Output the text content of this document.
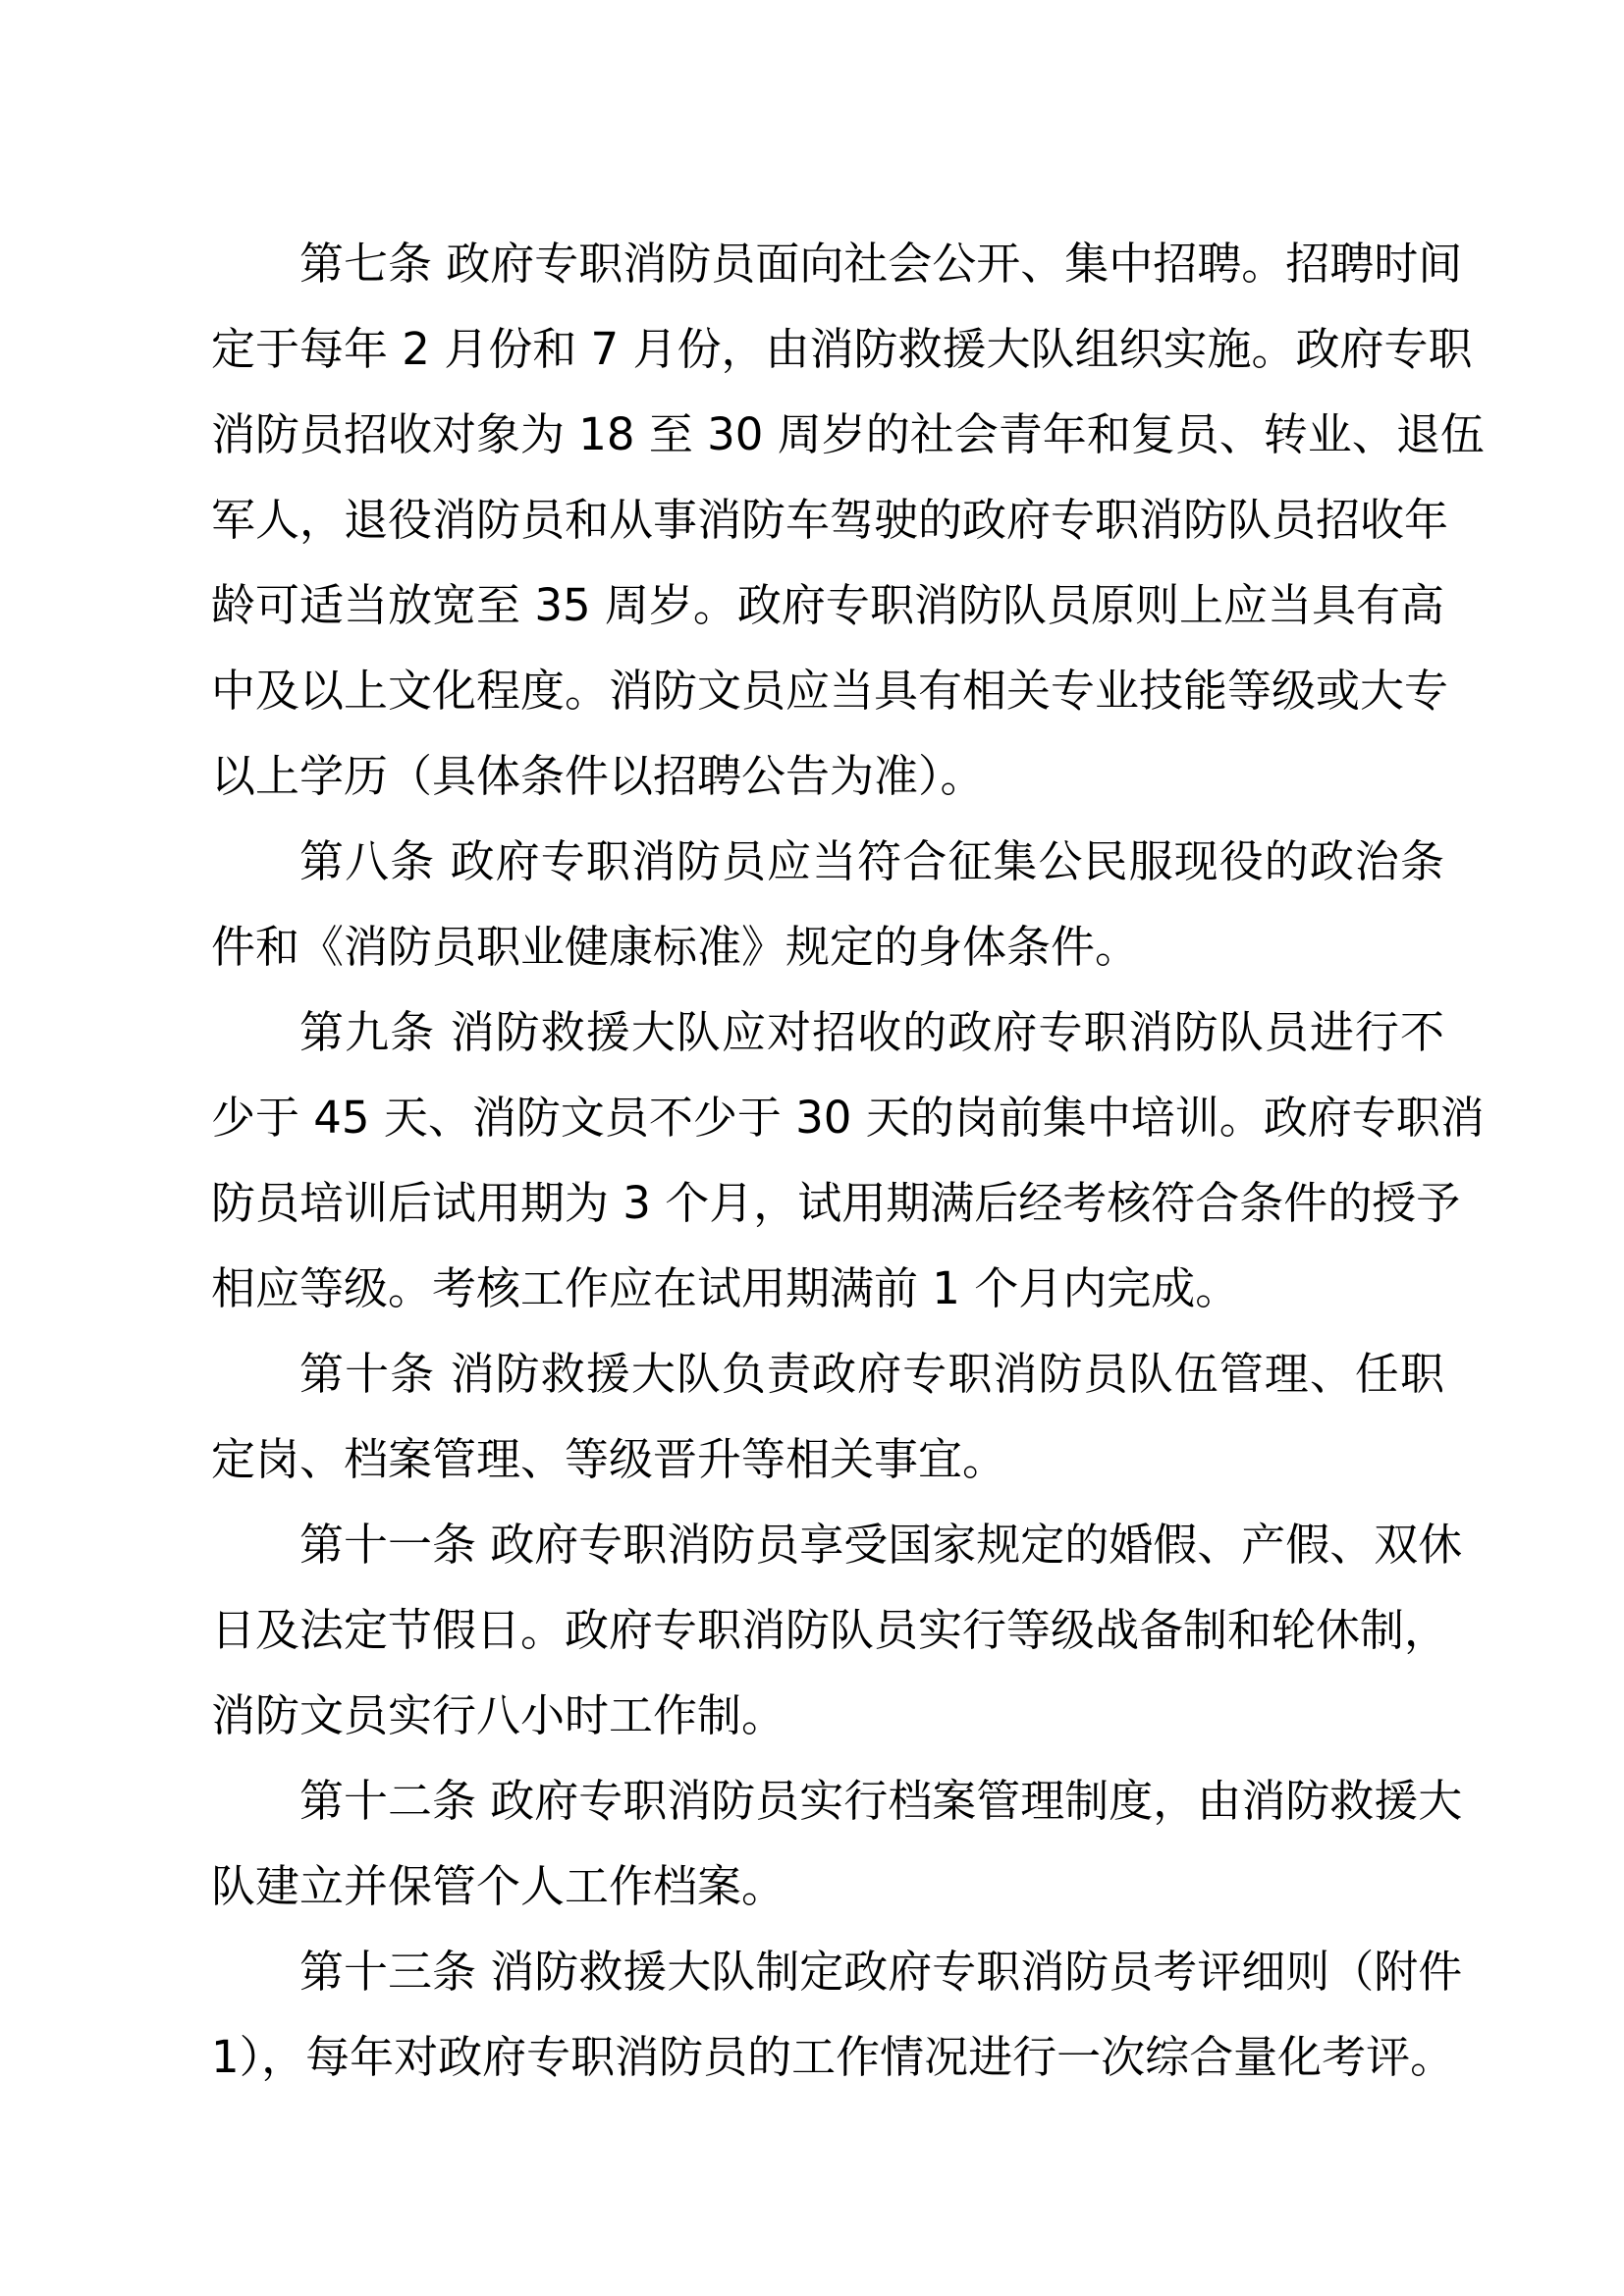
第七条 政府专职消防员面向社会公开、集中招聘。招聘时间
定于每年 2 月份和 7 月份，由消防救援大队组织实施。政府专职
消防员招收对象为 18 至 30 周岁的社会青年和复员、转业、退伍
军人，退役消防员和从事消防车驾驶的政府专职消防队员招收年
龄可适当放宽至 35 周岁。政府专职消防队员原则上应当具有高
中及以上文化程度。消防文员应当具有相关专业技能等级或大专
以上学历（具体条件以招聘公告为准）。
第八条 政府专职消防员应当符合征集公民服现役的政治条
件和《消防员职业健康标准》规定的身体条件。
第九条 消防救援大队应对招收的政府专职消防队员进行不
少于 45 天、消防文员不少于 30 天的岗前集中培训。政府专职消
防员培训后试用期为 3 个月，试用期满后经考核符合条件的授予
相应等级。考核工作应在试用期满前 1 个月内完成。
第十条 消防救援大队负责政府专职消防员队伍管理、任职
定岗、档案管理、等级晋升等相关事宜。
第十一条 政府专职消防员享受国家规定的婚假、产假、双休
日及法定节假日。政府专职消防队员实行等级战备制和轮休制，
消防文员实行八小时工作制。
第十二条 政府专职消防员实行档案管理制度，由消防救援大
队建立并保管个人工作档案。
第十三条 消防救援大队制定政府专职消防员考评细则（附件
1），每年对政府专职消防员的工作情况进行一次综合量化考评。
